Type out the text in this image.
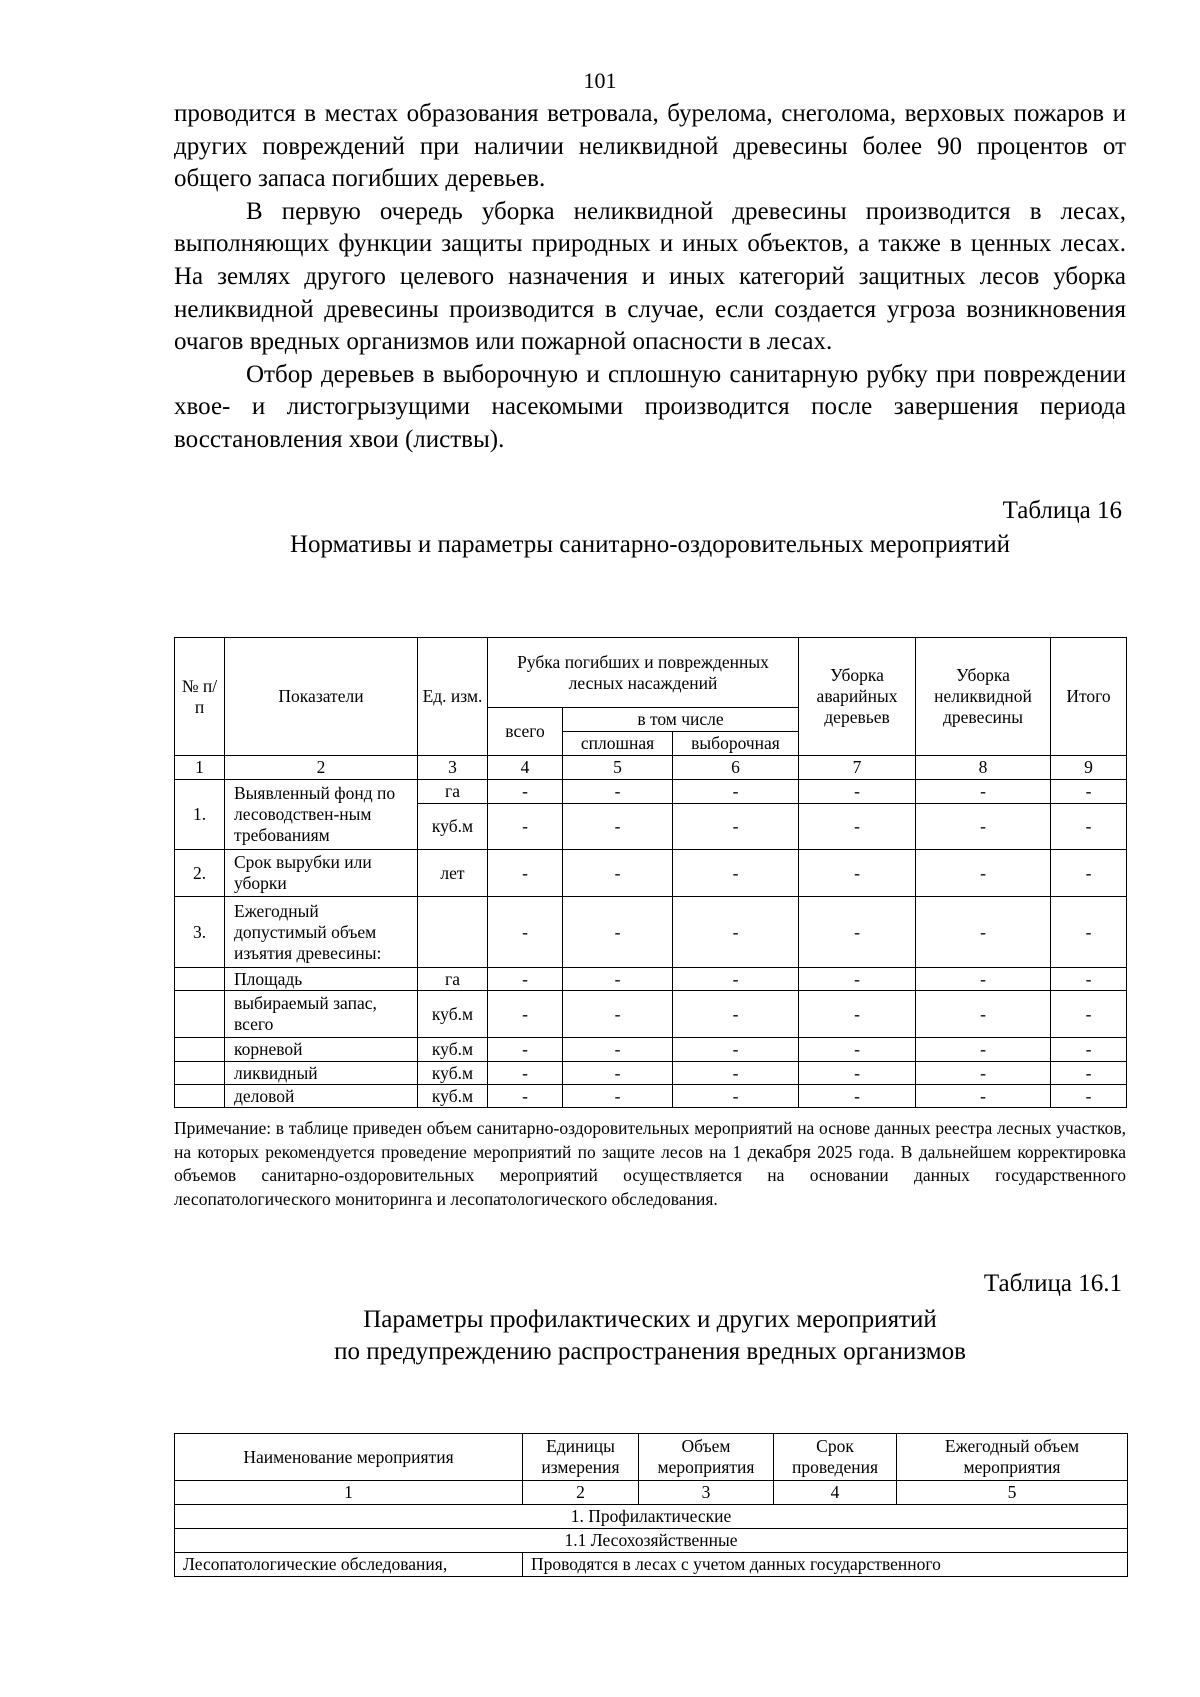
101

проводится в местах образования ветровала, бурелома, снеголома, верховых пожаров и других повреждений при наличии неликвидной древесины более 90 процентов от общего запаса погибших деревьев.

В первую очередь уборка неликвидной древесины производится в лесах, выполняющих функции защиты природных и иных объектов, а также в ценных лесах. На землях другого целевого назначения и иных категорий защитных лесов уборка неликвидной древесины производится в случае, если создается угроза возникновения очагов вредных организмов или пожарной опасности в лесах.

Отбор деревьев в выборочную и сплошную санитарную рубку при повреждении хвое- и листогрызущими насекомыми производится после завершения периода восстановления хвои (листвы).

Таблица 16
Нормативы и параметры санитарно-оздоровительных мероприятий
№ п/п	Показатели	Ед. изм.	Рубка погибших и поврежденных лесных насаждений			Уборка аварийных деревьев	Уборка неликвидной древесины	Итого
			всего	в том числе				
				сплошная	выборочная			
1	2	3	4	5	6	7	8	9
1.	Выявленный фонд по лесоводствен-ным требованиям	га	-	-	-	-	-	-
		куб.м	-	-	-	-	-	-
2.	Срок вырубки или уборки	лет	-	-	-	-	-	-
3.	Ежегодный допустимый объем изъятия древесины:		-	-	-	-	-	-
	Площадь	га	-	-	-	-	-	-
	выбираемый запас, всего	куб.м	-	-	-	-	-	-
	корневой	куб.м	-	-	-	-	-	-
	ликвидный	куб.м	-	-	-	-	-	-
	деловой	куб.м	-	-	-	-	-	-
Примечание: в таблице приведен объем санитарно-оздоровительных мероприятий на основе данных реестра лесных участков, на которых рекомендуется проведение мероприятий по защите лесов на 1 декабря 2025 года. В дальнейшем корректировка объемов санитарно-оздоровительных мероприятий осуществляется на основании данных государственного лесопатологического мониторинга и лесопатологического обследования.
Таблица 16.1
Параметры профилактических и других мероприятий
по предупреждению распространения вредных организмов
Наименование мероприятия	Единицы измерения	Объем мероприятия	Срок проведения	Ежегодный объем мероприятия
1	2	3	4	5
1. Профилактические				
1.1 Лесохозяйственные				
Лесопатологические обследования,	Проводятся в лесах с учетом данных государственного			
